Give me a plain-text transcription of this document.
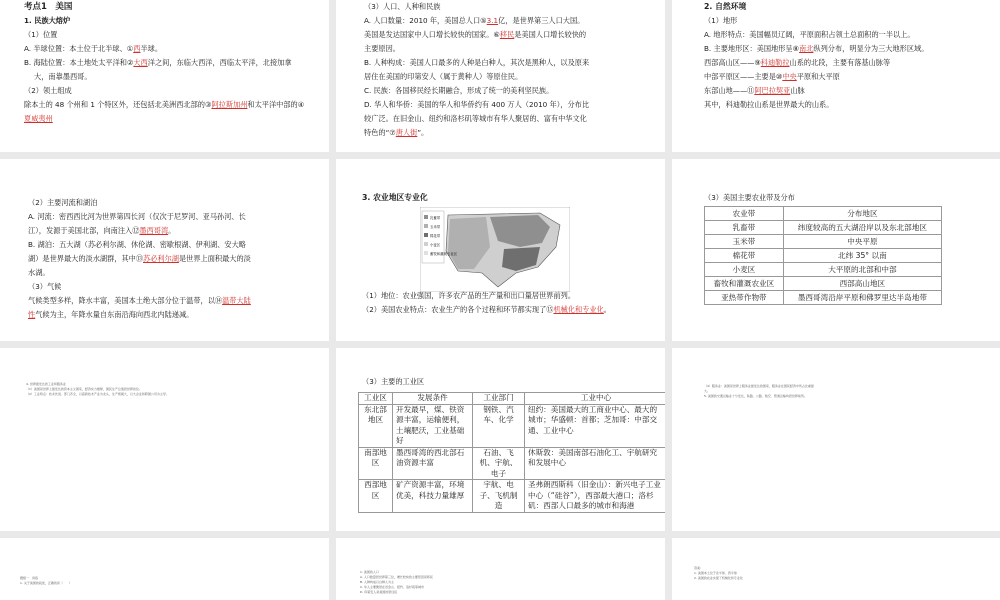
考点1　美国

1. 民族大熔炉

（1）位置

A. 半球位置：本土位于北半球、①西半球。

B. 海陆位置：本土地处太平洋和②大西洋之间，东临大西洋，西临太平洋，北接加拿

大，南靠墨西哥。

（2）领土组成

除本土的 48 个州和 1 个特区外，还包括北美洲西北部的③阿拉斯加州和太平洋中部的④

夏威夷州

（3）人口、人种和民族

A. 人口数量：2010 年，美国总人口⑤3.1亿，是世界第三人口大国。

美国是发达国家中人口增长较快的国家。⑥移民是美国人口增长较快的

主要原因。

B. 人种构成：美国人口最多的人种是白种人，其次是黑种人，以及原来

居住在美国的印第安人（属于黄种人）等原住民。

C. 民族：各国移民经长期融合，形成了统一的美利坚民族。

D. 华人和华侨：美国的华人和华侨约有 400 万人（2010 年），分布比

较广泛。在旧金山、纽约和洛杉矶等城市有华人聚居的、富有中华文化

特色的“⑦唐人街”。

2. 自然环境

（1）地形

A. 地形特点：美国幅员辽阔，平原面积占领土总面积的一半以上。

B. 主要地形区：美国地形呈⑧南北纵列分布，明显分为三大地形区域。

西部高山区——⑨科迪勒拉山系的北段，主要有落基山脉等

中部平原区——主要是⑩中央平原和大平原

东部山地——⑪阿巴拉契亚山脉

其中，科迪勒拉山系是世界最大的山系。

（2）主要河流和湖泊

A. 河流：密西西比河为世界第四长河（仅次于尼罗河、亚马孙河、长

江），发源于美国北部，向南注入⑫墨西哥湾。

B. 湖泊：五大湖（苏必利尔湖、休伦湖、密歇根湖、伊利湖、安大略

湖）是世界最大的淡水湖群，其中⑬苏必利尔湖是世界上面积最大的淡

水湖。

（3）气候

气候类型多样，降水丰富，美国本土绝大部分位于温带，以⑭温带大陆

性气候为主，年降水量自东南沿海向西北内陆递减。

3. 农业地区专业化

乳畜带
玉米带
棉花带
小麦区
畜牧和灌溉农业区

（1）地位：农业强国，许多农产品的生产量和出口量居世界前列。

（2）美国农业特点：农业生产的各个过程和环节都实现了⑮机械化和专业化。

（3）美国主要农业带及分布

农业带	分布地区
乳畜带	纬度较高的五大湖沿岸以及东北部地区
玉米带	中央平原
棉花带	北纬 35° 以南
小麦区	大平原的北部和中部
畜牧和灌溉农业区	西部高山地区
亚热带作物带	墨西哥湾沿岸平原和佛罗里达半岛地带

4. 世界最发达的工业和服务业

（1）美国是世界上最发达的资本主义国家，经济实力雄厚，国民生产总值居世界首位。

（2）工业特点：技术先进、部门齐全，以高新技术产业为龙头，生产规模大，以大企业和跨国公司为主导。

（3）主要的工业区

工业区	发展条件	工业部门	工业中心
东北部地区	开发最早，煤、铁资源丰富，运输便利，土壤肥沃，工业基础好	钢铁、汽车、化学	纽约：美国最大的工商业中心、最大的城市；华盛顿：首都；芝加哥：中部交通、工业中心
南部地区	墨西哥湾的西北部石油资源丰富	石油、飞机、宇航、电子	休斯敦：美国南部石油化工、宇航研究和发展中心
西部地区	矿产资源丰富，环境优美，科技力量雄厚	宇航、电子、飞机制造	圣弗朗西斯科（旧金山）：新兴电子工业中心（“硅谷”），西部最大港口；洛杉矶：西部人口最多的城市和海港

（4）服务业：美国是世界上服务业最发达的国家，服务业在国民经济中所占比重最大。

5. 美国的交通运输业十分发达，铁路、公路、航空、管道运输均居世界前列。

题组一　训练

1. 关于美国的叙述，正确的是（　　）

1. 美国的人口

A. 人口数量居世界第三位，增长较快的主要原因是移民

B. 人种构成以白种人为主

C. 华人主要聚居在旧金山、纽约、洛杉矶等城市

D. 印第安人是美国的原住民

答案：

1. 美国本土位于北半球、西半球

2. 美国的农业实现了机械化和专业化
